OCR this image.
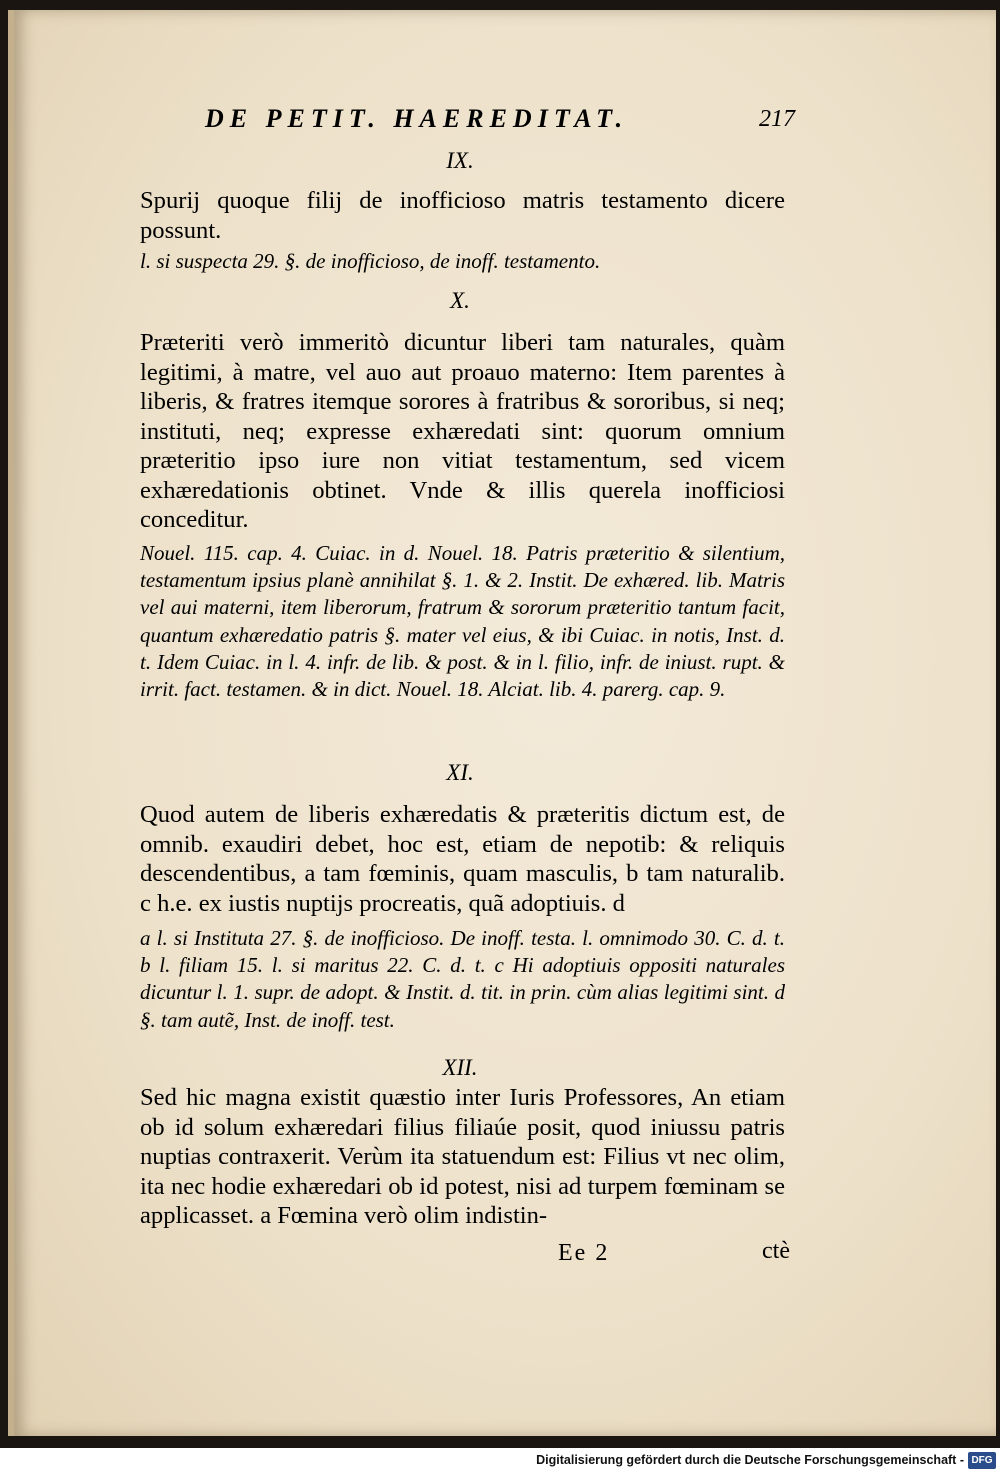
DE PETIT. HAEREDITAT.	217
IX.
Spurij quoque filij de inofficioso matris testamento dicere possunt.
l. si suspecta 29. §. de inofficioso, de inoff. testamento.
X.
Præteriti verò immeritò dicuntur liberi tam naturales, quàm legitimi, à matre, vel auo aut proauo materno: Item parentes à liberis, & fratres itemque sorores à fratribus & sororibus, si neq; instituti, neq; expresse exhæredati sint: quorum omnium præteritio ipso iure non vitiat testamentum, sed vicem exhæredationis obtinet. Vnde & illis querela inofficiosi conceditur.
Nouel. 115. cap. 4. Cuiac. in d. Nouel. 18. Patris præteritio & silentium, testamentum ipsius planè annihilat §. 1. & 2. Instit. De exhæred. lib. Matris vel aui materni, item liberorum, fratrum & sororum præteritio tantum facit, quantum exhæredatio patris §. mater vel eius, & ibi Cuiac. in notis, Inst. d. t. Idem Cuiac. in l. 4. infr. de lib. & post. & in l. filio, infr. de iniust. rupt. & irrit. fact. testamen. & in dict. Nouel. 18. Alciat. lib. 4. parerg. cap. 9.
XI.
Quod autem de liberis exhæredatis & præteritis dictum est, de omnib. exaudiri debet, hoc est, etiam de nepotib: & reliquis descendentibus, a tam fœminis, quam masculis, b tam naturalib. c h.e. ex iustis nuptijs procreatis, quã adoptiuis. d
a l. si Instituta 27. §. de inofficioso. De inoff. testa. l. omnimodo 30. C. d. t. b l. filiam 15. l. si maritus 22. C. d. t. c Hi adoptiuis oppositi naturales dicuntur l. 1. supr. de adopt. & Instit. d. tit. in prin. cùm alias legitimi sint. d §. tam autẽ, Inst. de inoff. test.
XII.
Sed hic magna existit quæstio inter Iuris Professores, An etiam ob id solum exhæredari filius filiaúe posit, quod iniussu patris nuptias contraxerit. Verùm ita statuendum est: Filius vt nec olim, ita nec hodie exhæredari ob id potest, nisi ad turpem fœminam se applicasset. a Fœmina verò olim indistin-
Ee 2	ctè
Digitalisierung gefördert durch die Deutsche Forschungsgemeinschaft - DFG
